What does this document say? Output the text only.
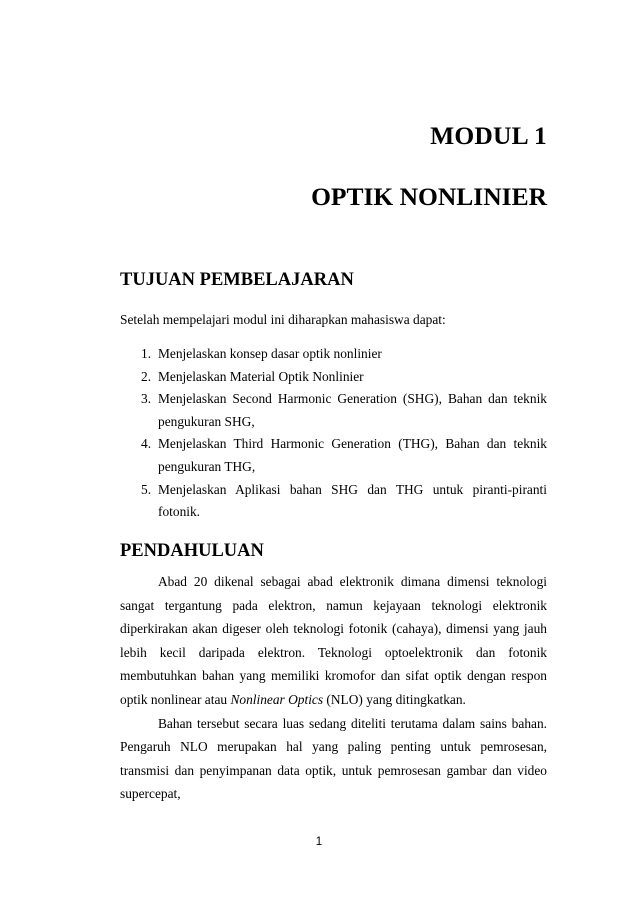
MODUL 1
OPTIK NONLINIER
TUJUAN PEMBELAJARAN

Setelah mempelajari modul ini diharapkan mahasiswa dapat:

1. Menjelaskan konsep dasar optik nonlinier
2. Menjelaskan Material Optik Nonlinier
3. Menjelaskan Second Harmonic Generation (SHG), Bahan dan teknik pengukuran SHG,
4. Menjelaskan Third Harmonic Generation (THG), Bahan dan teknik pengukuran THG,
5. Menjelaskan Aplikasi bahan SHG dan THG untuk piranti-piranti fotonik.
PENDAHULUAN

Abad 20 dikenal sebagai abad elektronik dimana dimensi teknologi sangat tergantung pada elektron, namun kejayaan teknologi elektronik diperkirakan akan digeser oleh teknologi fotonik (cahaya), dimensi yang jauh lebih kecil daripada elektron. Teknologi optoelektronik dan fotonik membutuhkan bahan yang memiliki kromofor dan sifat optik dengan respon optik nonlinear atau Nonlinear Optics (NLO) yang ditingkatkan.

Bahan tersebut secara luas sedang diteliti terutama dalam sains bahan. Pengaruh NLO merupakan hal yang paling penting untuk pemrosesan, transmisi dan penyimpanan data optik, untuk pemrosesan gambar dan video supercepat,

1
